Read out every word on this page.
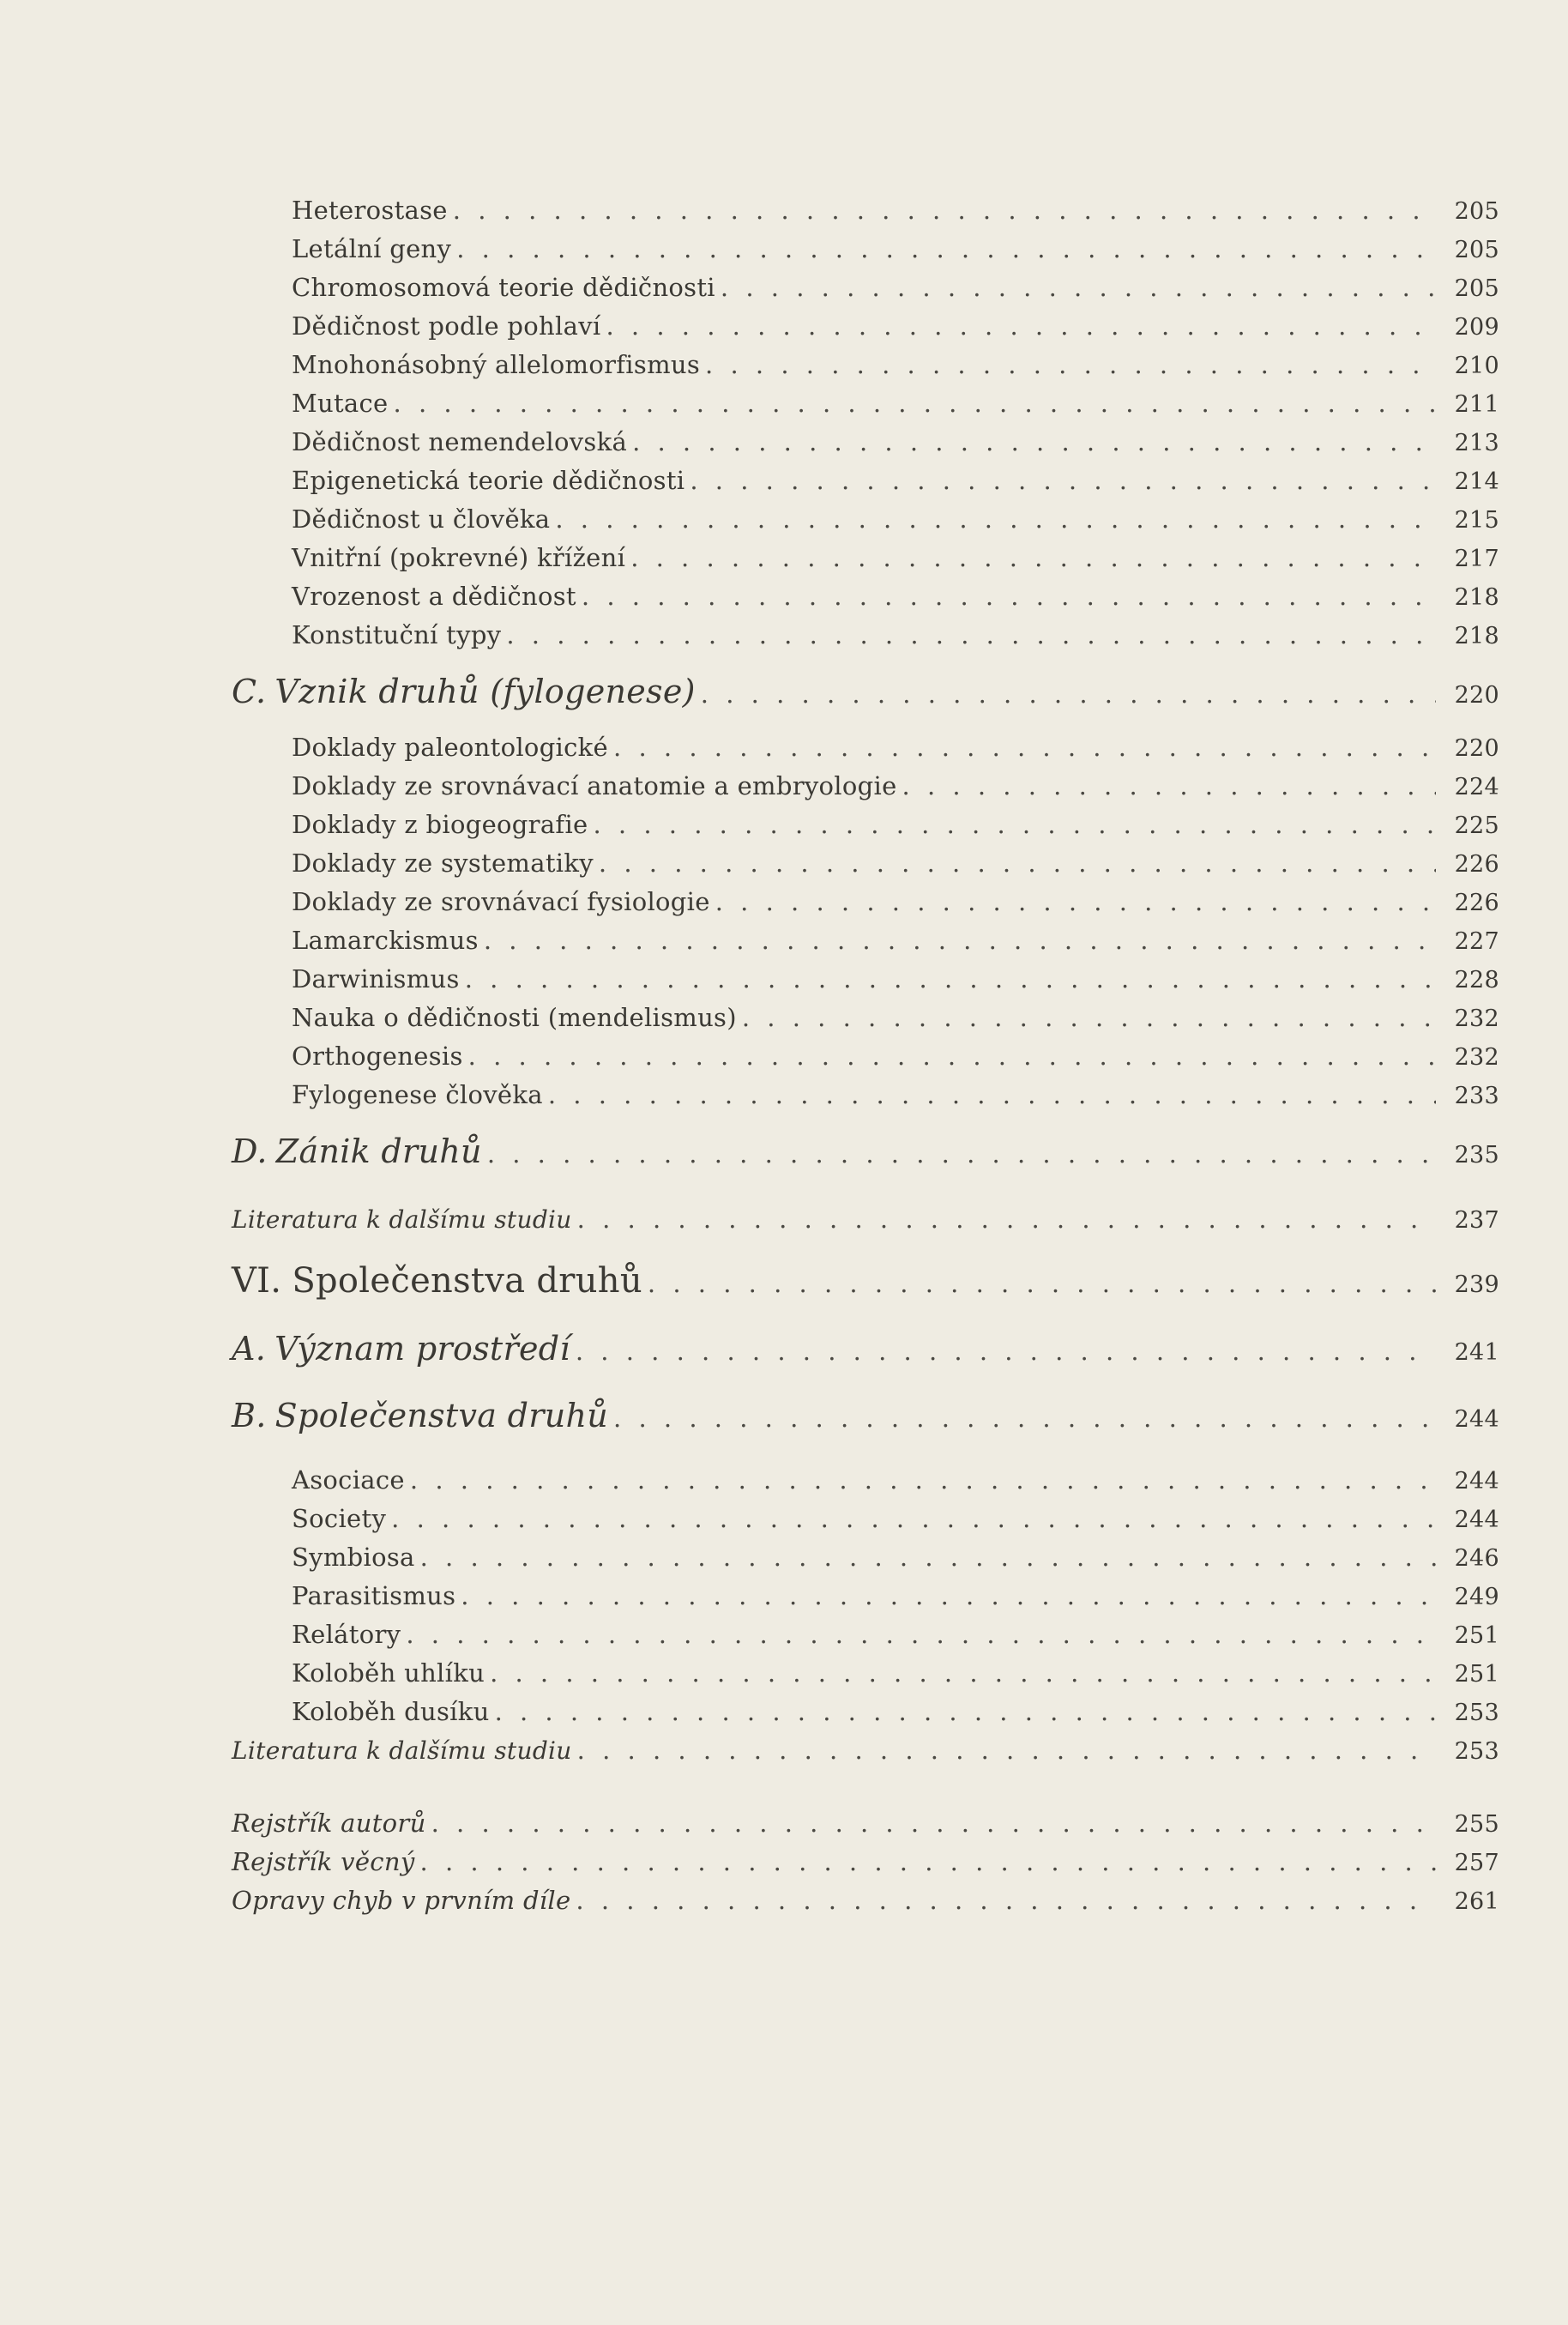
Heterostase . . .	205
Letální geny . . .	205
Chromosomová teorie dědičnosti . . .	205
Dědičnost podle pohlaví . . .	209
Mnohonásobný allelomorfismus . . .	210
Mutace . . .	211
Dědičnost nemendelovská . . .	213
Epigenetická teorie dědičnosti . . .	214
Dědičnost u člověka . . .	215
Vnitřní (pokrevné) křížení . . .	217
Vrozenost a dědičnost . . .	218
Konstituční typy . . .	218
C. Vznik druhů (fylogenese) . . .	220
Doklady paleontologické . . .	220
Doklady ze srovnávací anatomie a embryologie . . .	224
Doklady z biogeografie . . .	225
Doklady ze systematiky . . .	226
Doklady ze srovnávací fysiologie . . .	226
Lamarckismus . . .	227
Darwinismus . . .	228
Nauka o dědičnosti (mendelismus) . . .	232
Orthogenesis . . .	232
Fylogenese člověka . . .	233
D. Zánik druhů . . .	235
Literatura k dalšímu studiu . . .	237
VI. Společenstva druhů . . .	239
A. Význam prostředí . . .	241
B. Společenstva druhů . . .	244
Asociace . . .	244
Society . . .	244
Symbiosa . . .	246
Parasitismus . . .	249
Relátory . . .	251
Koloběh uhlíku . . .	251
Koloběh dusíku . . .	253
Literatura k dalšímu studiu . . .	253
Rejstřík autorů . . .	255
Rejstřík věcný . . .	257
Opravy chyb v prvním díle . . .	261
